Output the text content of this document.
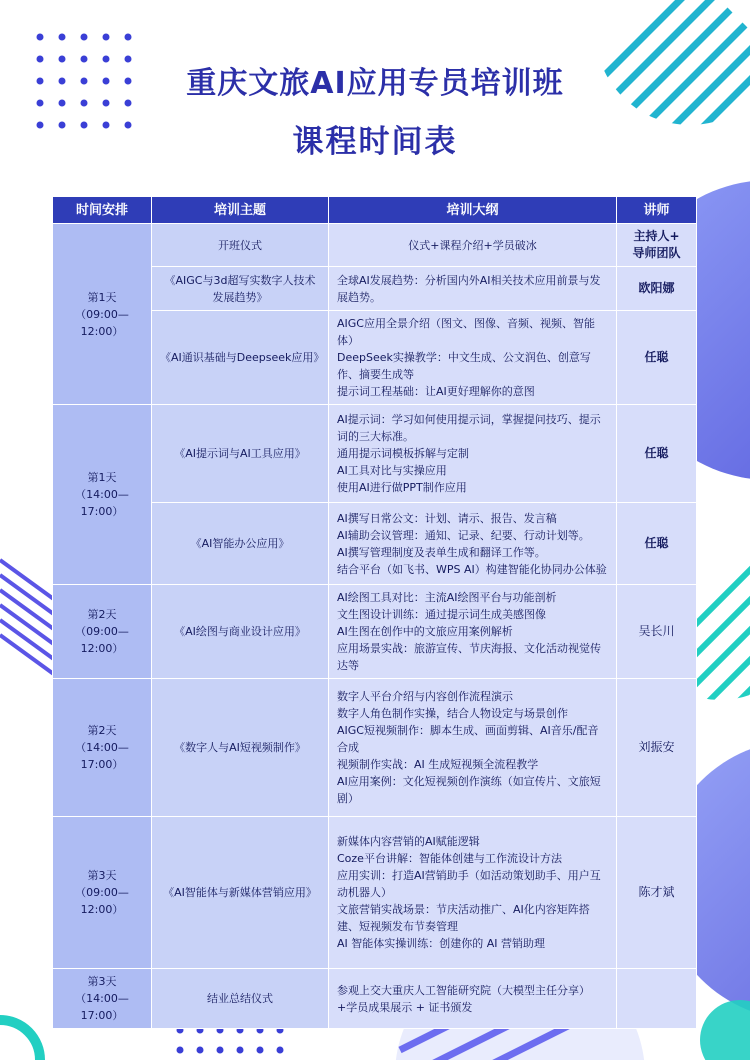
重庆文旅AI应用专员培训班
课程时间表
时间安排	培训主题	培训大纲	讲师

第1天
（09:00—12:00）	开班仪式	仪式+课程介绍+学员破冰	主持人+
导师团队

	《AIGC与3d超写实数字人技术发展趋势》	全球AI发展趋势：分析国内外AI相关技术应用前景与发展趋势。	欧阳娜
	《AI通识基础与Deepseek应用》	AIGC应用全景介绍（图文、图像、音频、视频、智能体）
DeepSeek实操教学：中文生成、公文润色、创意写作、摘要生成等
提示词工程基础：让AI更好理解你的意图	任聪

第1天
（14:00—17:00）	《AI提示词与AI工具应用》	AI提示词：学习如何使用提示词，掌握提问技巧、提示词的三大标准。
通用提示词模板拆解与定制
AI工具对比与实操应用
使用AI进行做PPT制作应用	任聪
	《AI智能办公应用》	AI撰写日常公文：计划、请示、报告、发言稿
AI辅助会议管理：通知、记录、纪要、行动计划等。
AI撰写管理制度及表单生成和翻译工作等。
结合平台（如飞书、WPS AI）构建智能化协同办公体验	任聪

第2天
（09:00—12:00）	《AI绘图与商业设计应用》	AI绘图工具对比：主流AI绘图平台与功能剖析
文生图设计训练：通过提示词生成美感图像
AI生图在创作中的文旅应用案例解析
应用场景实战：旅游宣传、节庆海报、文化活动视觉传达等	吴长川

第2天
（14:00—17:00）	《数字人与AI短视频制作》	数字人平台介绍与内容创作流程演示
数字人角色制作实操，结合人物设定与场景创作
AIGC短视频制作：脚本生成、画面剪辑、AI音乐/配音合成
视频制作实战：AI 生成短视频全流程教学
AI应用案例：文化短视频创作演练（如宣传片、文旅短剧）	刘振安

第3天
（09:00—12:00）	《AI智能体与新媒体营销应用》	新媒体内容营销的AI赋能逻辑
Coze平台讲解：智能体创建与工作流设计方法
应用实训：打造AI营销助手（如活动策划助手、用户互动机器人）
文旅营销实战场景：节庆活动推广、AI化内容矩阵搭建、短视频发布节奏管理
AI 智能体实操训练：创建你的 AI 营销助理	陈才斌

第3天
（14:00—17:00）	结业总结仪式	参观上交大重庆人工智能研究院（大模型主任分享）+学员成果展示 + 证书颁发	
